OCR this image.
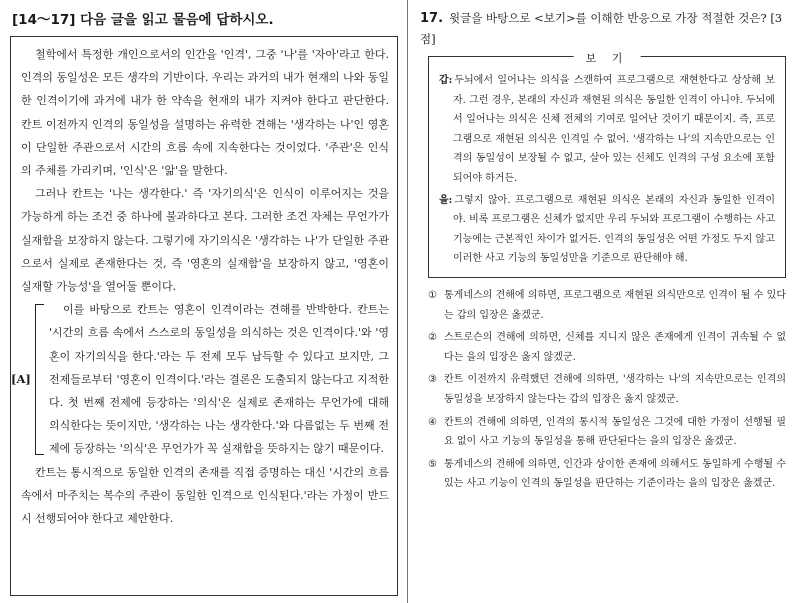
[14～17] 다음 글을 읽고 물음에 답하시오.

철학에서 특정한 개인으로서의 인간을 '인격', 그중 '나'를 '자아'라고 한다. 인격의 동일성은 모든 생각의 기반이다. 우리는 과거의 내가 현재의 나와 동일한 인격이기에 과거에 내가 한 약속을 현재의 내가 지켜야 한다고 판단한다. 칸트 이전까지 인격의 동일성을 설명하는 유력한 견해는 '생각하는 나'인 영혼이 단일한 주관으로서 시간의 흐름 속에 지속한다는 것이었다. '주관'은 인식의 주체를 가리키며, '인식'은 '앎'을 말한다.

그러나 칸트는 '나는 생각한다.' 즉 '자기의식'은 인식이 이루어지는 것을 가능하게 하는 조건 중 하나에 불과하다고 본다. 그러한 조건 자체는 무언가가 실재함을 보장하지 않는다. 그렇기에 자기의식은 '생각하는 나'가 단일한 주관으로서 실제로 존재한다는 것, 즉 '영혼의 실재함'을 보장하지 않고, '영혼이 실재할 가능성'을 열어둘 뿐이다.

[A]

이를 바탕으로 칸트는 영혼이 인격이라는 견해를 반박한다. 칸트는 '시간의 흐름 속에서 스스로의 동일성을 의식하는 것은 인격이다.'와 '영혼이 자기의식을 한다.'라는 두 전제 모두 납득할 수 있다고 보지만, 그 전제들로부터 '영혼이 인격이다.'라는 결론은 도출되지 않는다고 지적한다. 첫 번째 전제에 등장하는 '의식'은 실제로 존재하는 무언가에 대해 의식한다는 뜻이지만, '생각하는 나는 생각한다.'와 다름없는 두 번째 전제에 등장하는 '의식'은 무언가가 꼭 실재함을 뜻하지는 않기 때문이다.

칸트는 통시적으로 동일한 인격의 존재를 직접 증명하는 대신 '시간의 흐름 속에서 마주치는 복수의 주관이 동일한 인격으로 인식된다.'라는 가정이 반드시 선행되어야 한다고 제안한다.

17. 윗글을 바탕으로 <보기>를 이해한 반응으로 가장 적절한 것은? [3점]
보 기

갑: 두뇌에서 일어나는 의식을 스캔하여 프로그램으로 재현한다고 상상해 보자. 그런 경우, 본래의 자신과 재현된 의식은 동일한 인격이 아니야. 두뇌에서 일어나는 의식은 신체 전체의 기여로 일어난 것이기 때문이지. 즉, 프로그램으로 재현된 의식은 인격일 수 없어. '생각하는 나'의 지속만으로는 인격의 동일성이 보장될 수 없고, 살아 있는 신체도 인격의 구성 요소에 포함되어야 하거든.

을: 그렇지 않아. 프로그램으로 재현된 의식은 본래의 자신과 동일한 인격이야. 비록 프로그램은 신체가 없지만 우리 두뇌와 프로그램이 수행하는 사고 기능에는 근본적인 차이가 없거든. 인격의 동일성은 어떤 가정도 두지 않고 이러한 사고 기능의 동일성만을 기준으로 판단해야 해.

① 통게네스의 견해에 의하면, 프로그램으로 재현된 의식만으로 인격이 될 수 있다는 갑의 입장은 옳겠군.
② 스트로슨의 견해에 의하면, 신체를 지니지 않은 존재에게 인격이 귀속될 수 없다는 을의 입장은 옳지 않겠군.
③ 칸트 이전까지 유력했던 견해에 의하면, '생각하는 나'의 지속만으로는 인격의 동일성을 보장하지 않는다는 갑의 입장은 옳지 않겠군.
④ 칸트의 견해에 의하면, 인격의 통시적 동일성은 그것에 대한 가정이 선행될 필요 없이 사고 기능의 동일성을 통해 판단된다는 을의 입장은 옳겠군.
⑤ 통게네스의 견해에 의하면, 인간과 상이한 존재에 의해서도 동일하게 수행될 수 있는 사고 기능이 인격의 동일성을 판단하는 기준이라는 을의 입장은 옳겠군.
